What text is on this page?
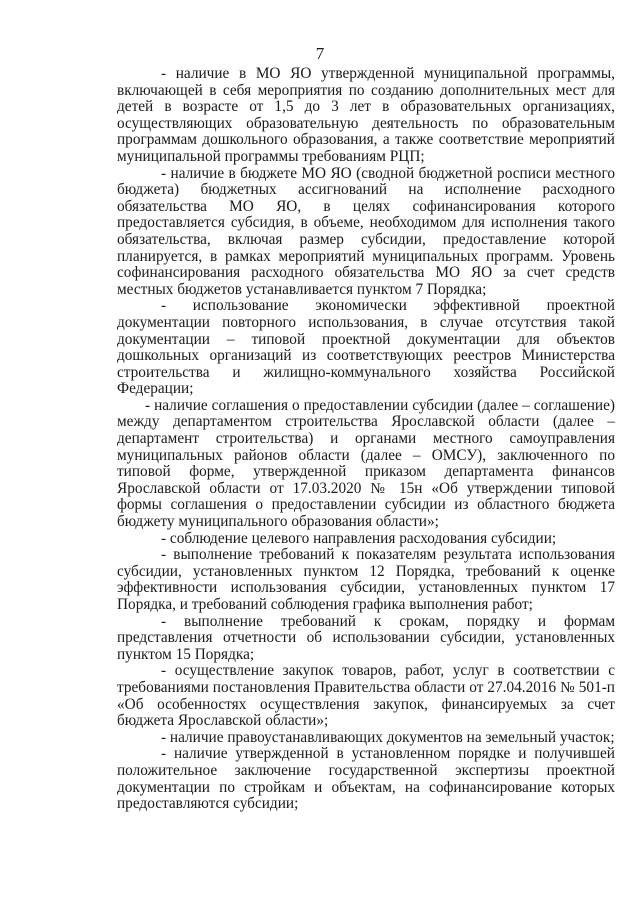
7

- наличие в МО ЯО утвержденной муниципальной программы, включающей в себя мероприятия по созданию дополнительных мест для детей в возрасте от 1,5 до 3 лет в образовательных организациях, осуществляющих образовательную деятельность по образовательным программам дошкольного образования, а также соответствие мероприятий муниципальной программы требованиям РЦП;

- наличие в бюджете МО ЯО (сводной бюджетной росписи местного бюджета) бюджетных ассигнований на исполнение расходного обязательства МО ЯО, в целях софинансирования которого предоставляется субсидия, в объеме, необходимом для исполнения такого обязательства, включая размер субсидии, предоставление которой планируется, в рамках мероприятий муниципальных программ. Уровень софинансирования расходного обязательства МО ЯО за счет средств местных бюджетов устанавливается пунктом 7 Порядка;

- использование экономически эффективной проектной документации повторного использования, в случае отсутствия такой документации – типовой проектной документации для объектов дошкольных организаций из соответствующих реестров Министерства строительства и жилищно-коммунального хозяйства Российской Федерации;

- наличие соглашения о предоставлении субсидии (далее – соглашение) между департаментом строительства Ярославской области (далее – департамент строительства) и органами местного самоуправления муниципальных районов области (далее – ОМСУ), заключенного по типовой форме, утвержденной приказом департамента финансов Ярославской области от 17.03.2020 № 15н «Об утверждении типовой формы соглашения о предоставлении субсидии из областного бюджета бюджету муниципального образования области»;

- соблюдение целевого направления расходования субсидии;

- выполнение требований к показателям результата использования субсидии, установленных пунктом 12 Порядка, требований к оценке эффективности использования субсидии, установленных пунктом 17 Порядка, и требований соблюдения графика выполнения работ;

- выполнение требований к срокам, порядку и формам представления отчетности об использовании субсидии, установленных пунктом 15 Порядка;

- осуществление закупок товаров, работ, услуг в соответствии с требованиями постановления Правительства области от 27.04.2016 № 501-п «Об особенностях осуществления закупок, финансируемых за счет бюджета Ярославской области»;

- наличие правоустанавливающих документов на земельный участок;

- наличие утвержденной в установленном порядке и получившей положительное заключение государственной экспертизы проектной документации по стройкам и объектам, на софинансирование которых предоставляются субсидии;
